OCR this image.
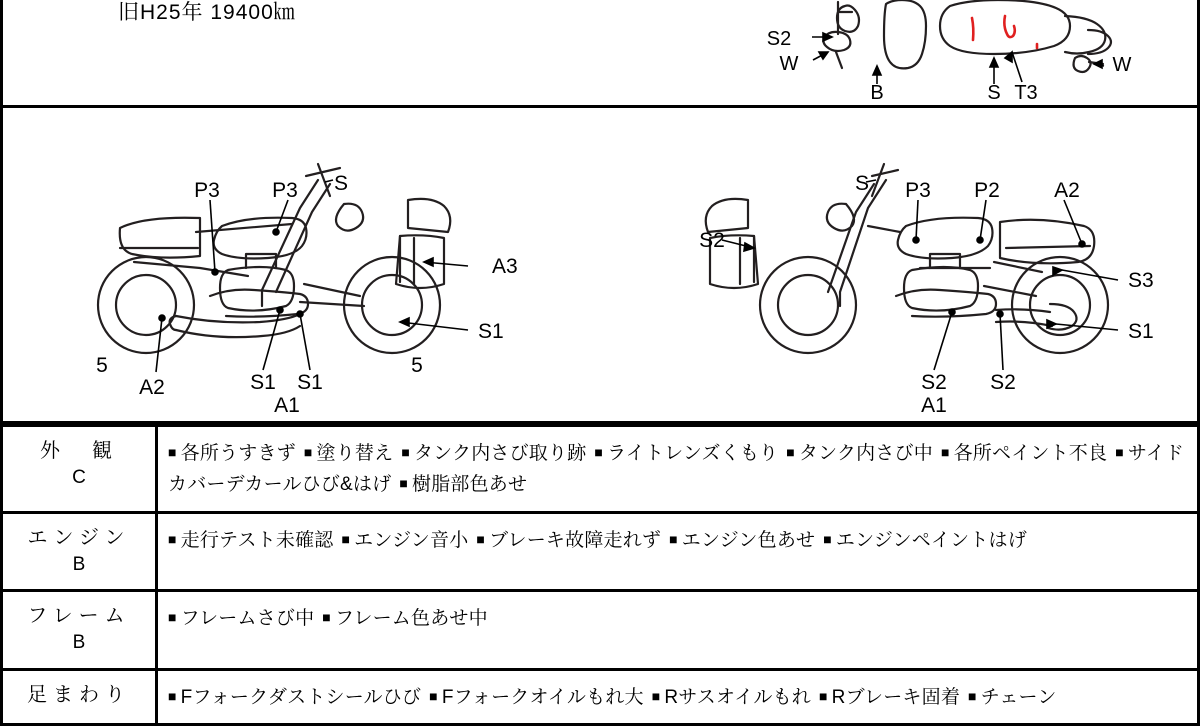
旧H25年 19400㎞
S2
W
B	S T3
W
P3 P3 S
A3
S1
5
A2	S1 S1
A1
5
S P3 P2	A2
S2
S3
S1
S2 S2
A1
外　観
C	■ 各所うすきず ■ 塗り替え ■ タンク内さび取り跡 ■ ライトレンズくもり ■ タンク内さび中 ■ 各所ペイント不良 ■ サイドカバーデカールひび&はげ ■ 樹脂部色あせ

エンジン
B	■ 走行テスト未確認 ■ エンジン音小 ■ ブレーキ故障走れず ■ エンジン色あせ ■ エンジンペイントはげ

フレーム
B	■ フレームさび中 ■ フレーム色あせ中

足まわり	■ Fフォークダストシールひび ■ Fフォークオイルもれ大 ■ Rサスオイルもれ ■ Rブレーキ固着 ■ チェーン
